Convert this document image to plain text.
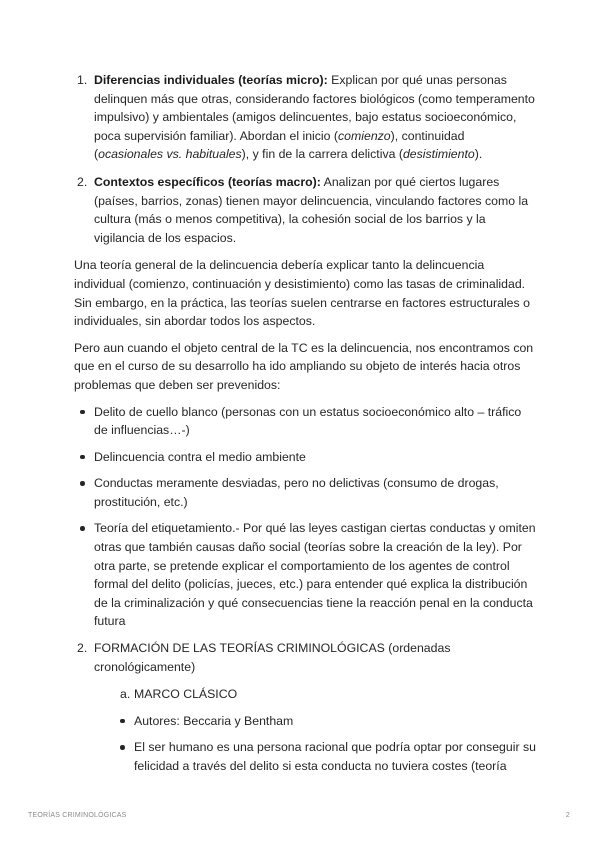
1. Diferencias individuales (teorías micro): Explican por qué unas personas delinquen más que otras, considerando factores biológicos (como temperamento impulsivo) y ambientales (amigos delincuentes, bajo estatus socioeconómico, poca supervisión familiar). Abordan el inicio (comienzo), continuidad (ocasionales vs. habituales), y fin de la carrera delictiva (desistimiento).
2. Contextos específicos (teorías macro): Analizan por qué ciertos lugares (países, barrios, zonas) tienen mayor delincuencia, vinculando factores como la cultura (más o menos competitiva), la cohesión social de los barrios y la vigilancia de los espacios.

Una teoría general de la delincuencia debería explicar tanto la delincuencia individual (comienzo, continuación y desistimiento) como las tasas de criminalidad. Sin embargo, en la práctica, las teorías suelen centrarse en factores estructurales o individuales, sin abordar todos los aspectos.

Pero aun cuando el objeto central de la TC es la delincuencia, nos encontramos con que en el curso de su desarrollo ha ido ampliando su objeto de interés hacia otros problemas que deben ser prevenidos:

Delito de cuello blanco (personas con un estatus socioeconómico alto – tráfico de influencias…-)
Delincuencia contra el medio ambiente
Conductas meramente desviadas, pero no delictivas (consumo de drogas, prostitución, etc.)
Teoría del etiquetamiento.- Por qué las leyes castigan ciertas conductas y omiten otras que también causas daño social (teorías sobre la creación de la ley). Por otra parte, se pretende explicar el comportamiento de los agentes de control formal del delito (policías, jueces, etc.) para entender qué explica la distribución de la criminalización y qué consecuencias tiene la reacción penal en la conducta futura
2. FORMACIÓN DE LAS TEORÍAS CRIMINOLÓGICAS (ordenadas cronológicamente)
a. MARCO CLÁSICO
Autores: Beccaria y Bentham
El ser humano es una persona racional que podría optar por conseguir su felicidad a través del delito si esta conducta no tuviera costes (teoría
TEORÍAS CRIMINOLÓGICAS	2
